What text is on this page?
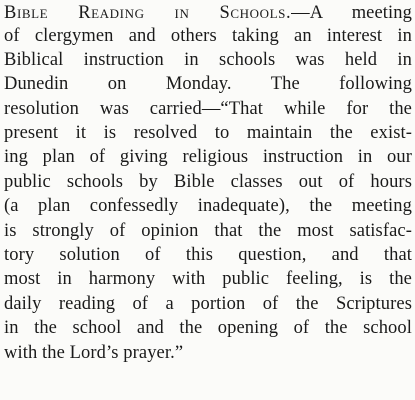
Bible Reading in Schools.—A meeting
of clergymen and others taking an interest in
Biblical instruction in schools was held in
Dunedin on Monday. The following
resolution was carried—“That while for the
present it is resolved to maintain the exist-
ing plan of giving religious instruction in our
public schools by Bible classes out of hours
(a plan confessedly inadequate), the meeting
is strongly of opinion that the most satisfac-
tory solution of this question, and that
most in harmony with public feeling, is the
daily reading of a portion of the Scriptures
in the school and the opening of the school
with the Lord’s prayer.”
